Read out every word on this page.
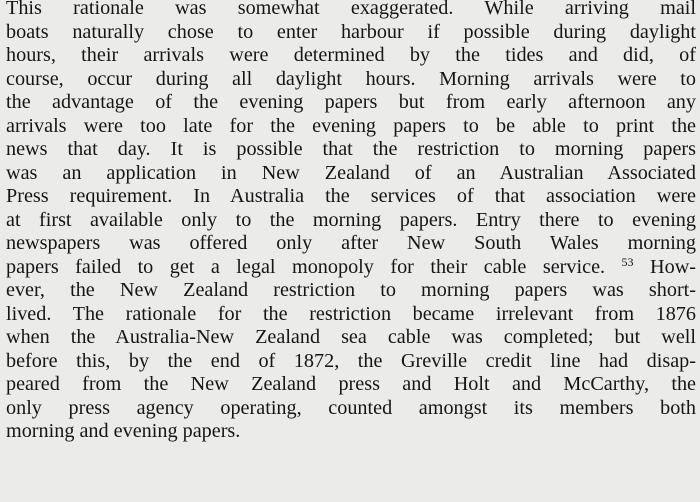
This rationale was somewhat exaggerated. While arriving mail
boats naturally chose to enter harbour if possible during daylight
hours, their arrivals were determined by the tides and did, of
course, occur during all daylight hours. Morning arrivals were to
the advantage of the evening papers but from early afternoon any
arrivals were too late for the evening papers to be able to print the
news that day. It is possible that the restriction to morning papers
was an application in New Zealand of an Australian Associated
Press requirement. In Australia the services of that association were
at first available only to the morning papers. Entry there to evening
newspapers was offered only after New South Wales morning
papers failed to get a legal monopoly for their cable service. $^{53}$ How-
ever, the New Zealand restriction to morning papers was short-
lived. The rationale for the restriction became irrelevant from 1876
when the Australia-New Zealand sea cable was completed; but well
before this, by the end of 1872, the Greville credit line had disap-
peared from the New Zealand press and Holt and McCarthy, the
only press agency operating, counted amongst its members both
morning and evening papers.
